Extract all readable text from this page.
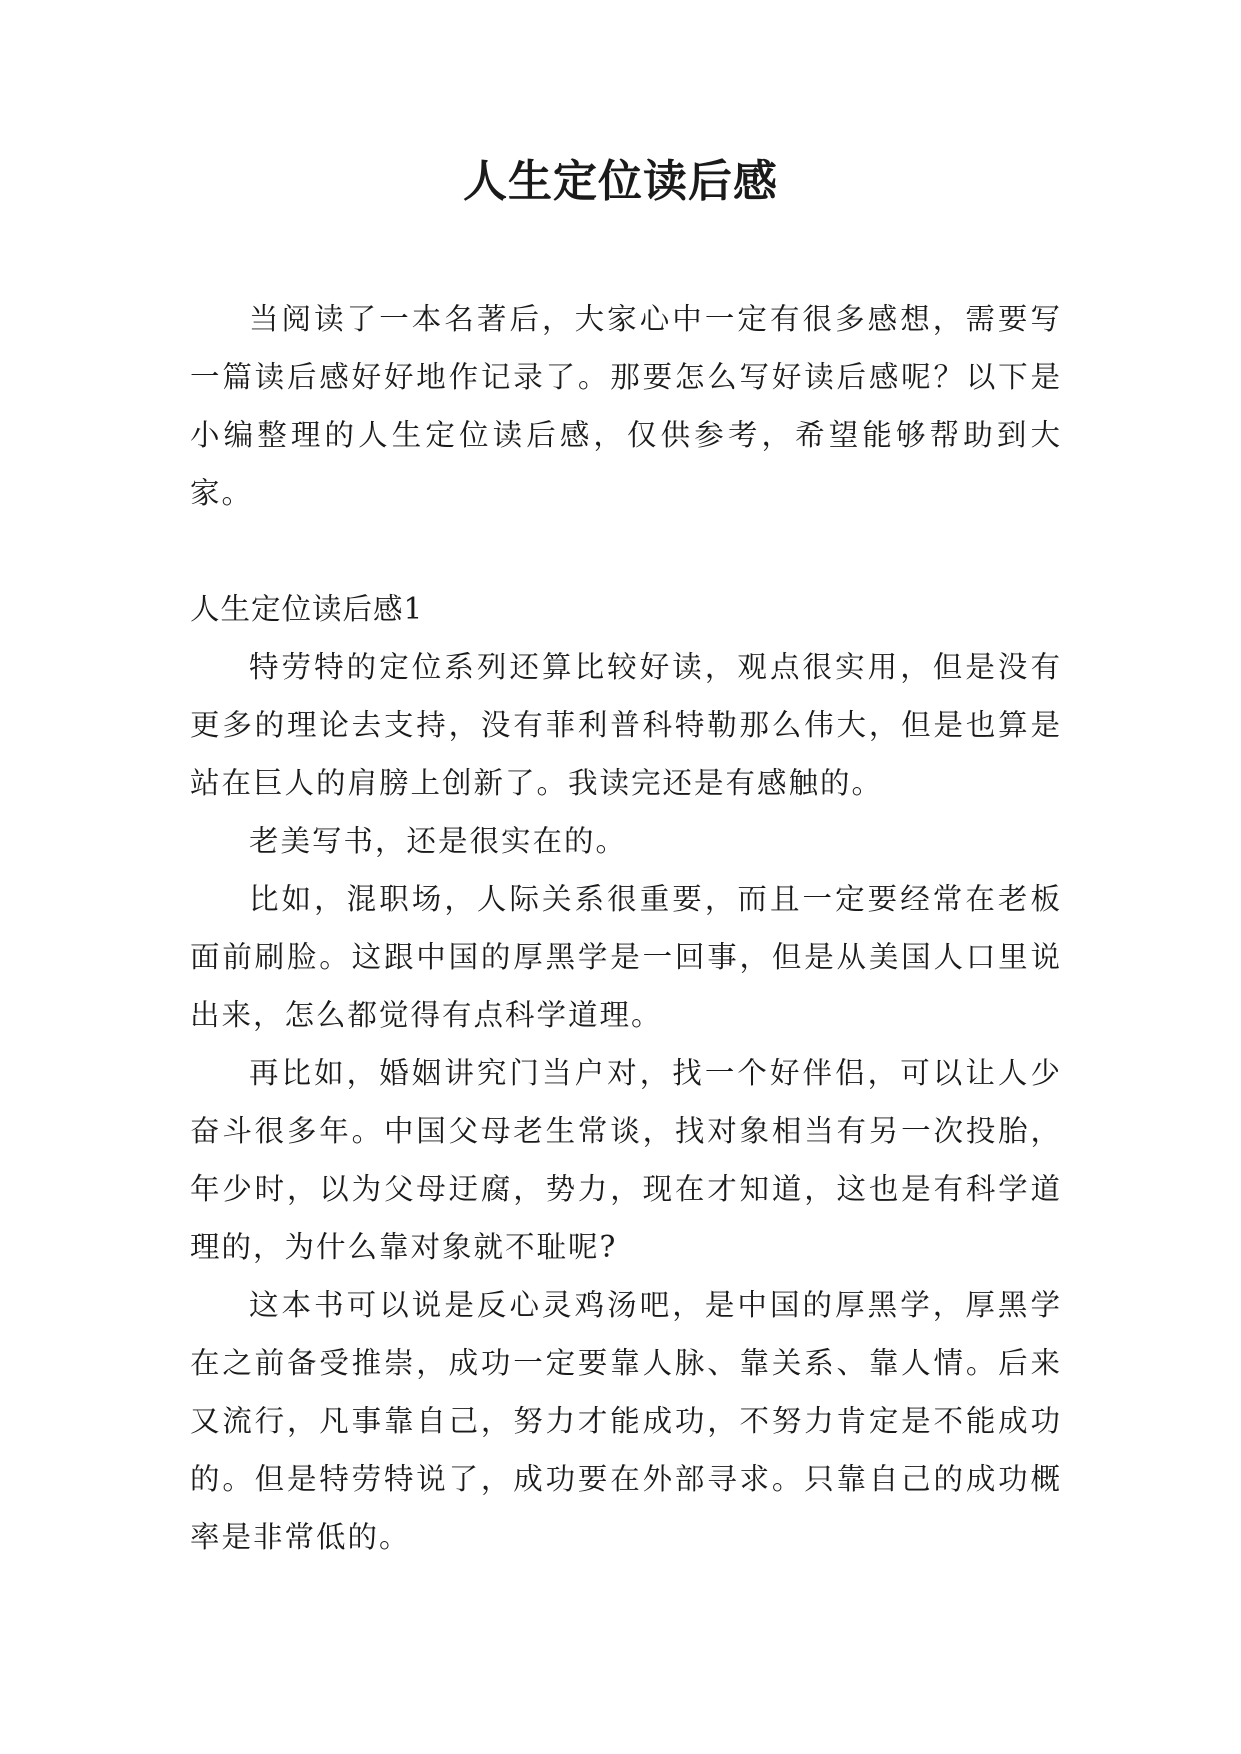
人生定位读后感

当阅读了一本名著后，大家心中一定有很多感想，需要写一篇读后感好好地作记录了。那要怎么写好读后感呢？以下是小编整理的人生定位读后感，仅供参考，希望能够帮助到大家。

人生定位读后感1

特劳特的定位系列还算比较好读，观点很实用，但是没有更多的理论去支持，没有菲利普科特勒那么伟大，但是也算是站在巨人的肩膀上创新了。我读完还是有感触的。

老美写书，还是很实在的。

比如，混职场，人际关系很重要，而且一定要经常在老板面前刷脸。这跟中国的厚黑学是一回事，但是从美国人口里说出来，怎么都觉得有点科学道理。

再比如，婚姻讲究门当户对，找一个好伴侣，可以让人少奋斗很多年。中国父母老生常谈，找对象相当有另一次投胎，年少时，以为父母迂腐，势力，现在才知道，这也是有科学道理的，为什么靠对象就不耻呢?

这本书可以说是反心灵鸡汤吧，是中国的厚黑学，厚黑学在之前备受推崇，成功一定要靠人脉、靠关系、靠人情。后来又流行，凡事靠自己，努力才能成功，不努力肯定是不能成功的。但是特劳特说了，成功要在外部寻求。只靠自己的成功概率是非常低的。
